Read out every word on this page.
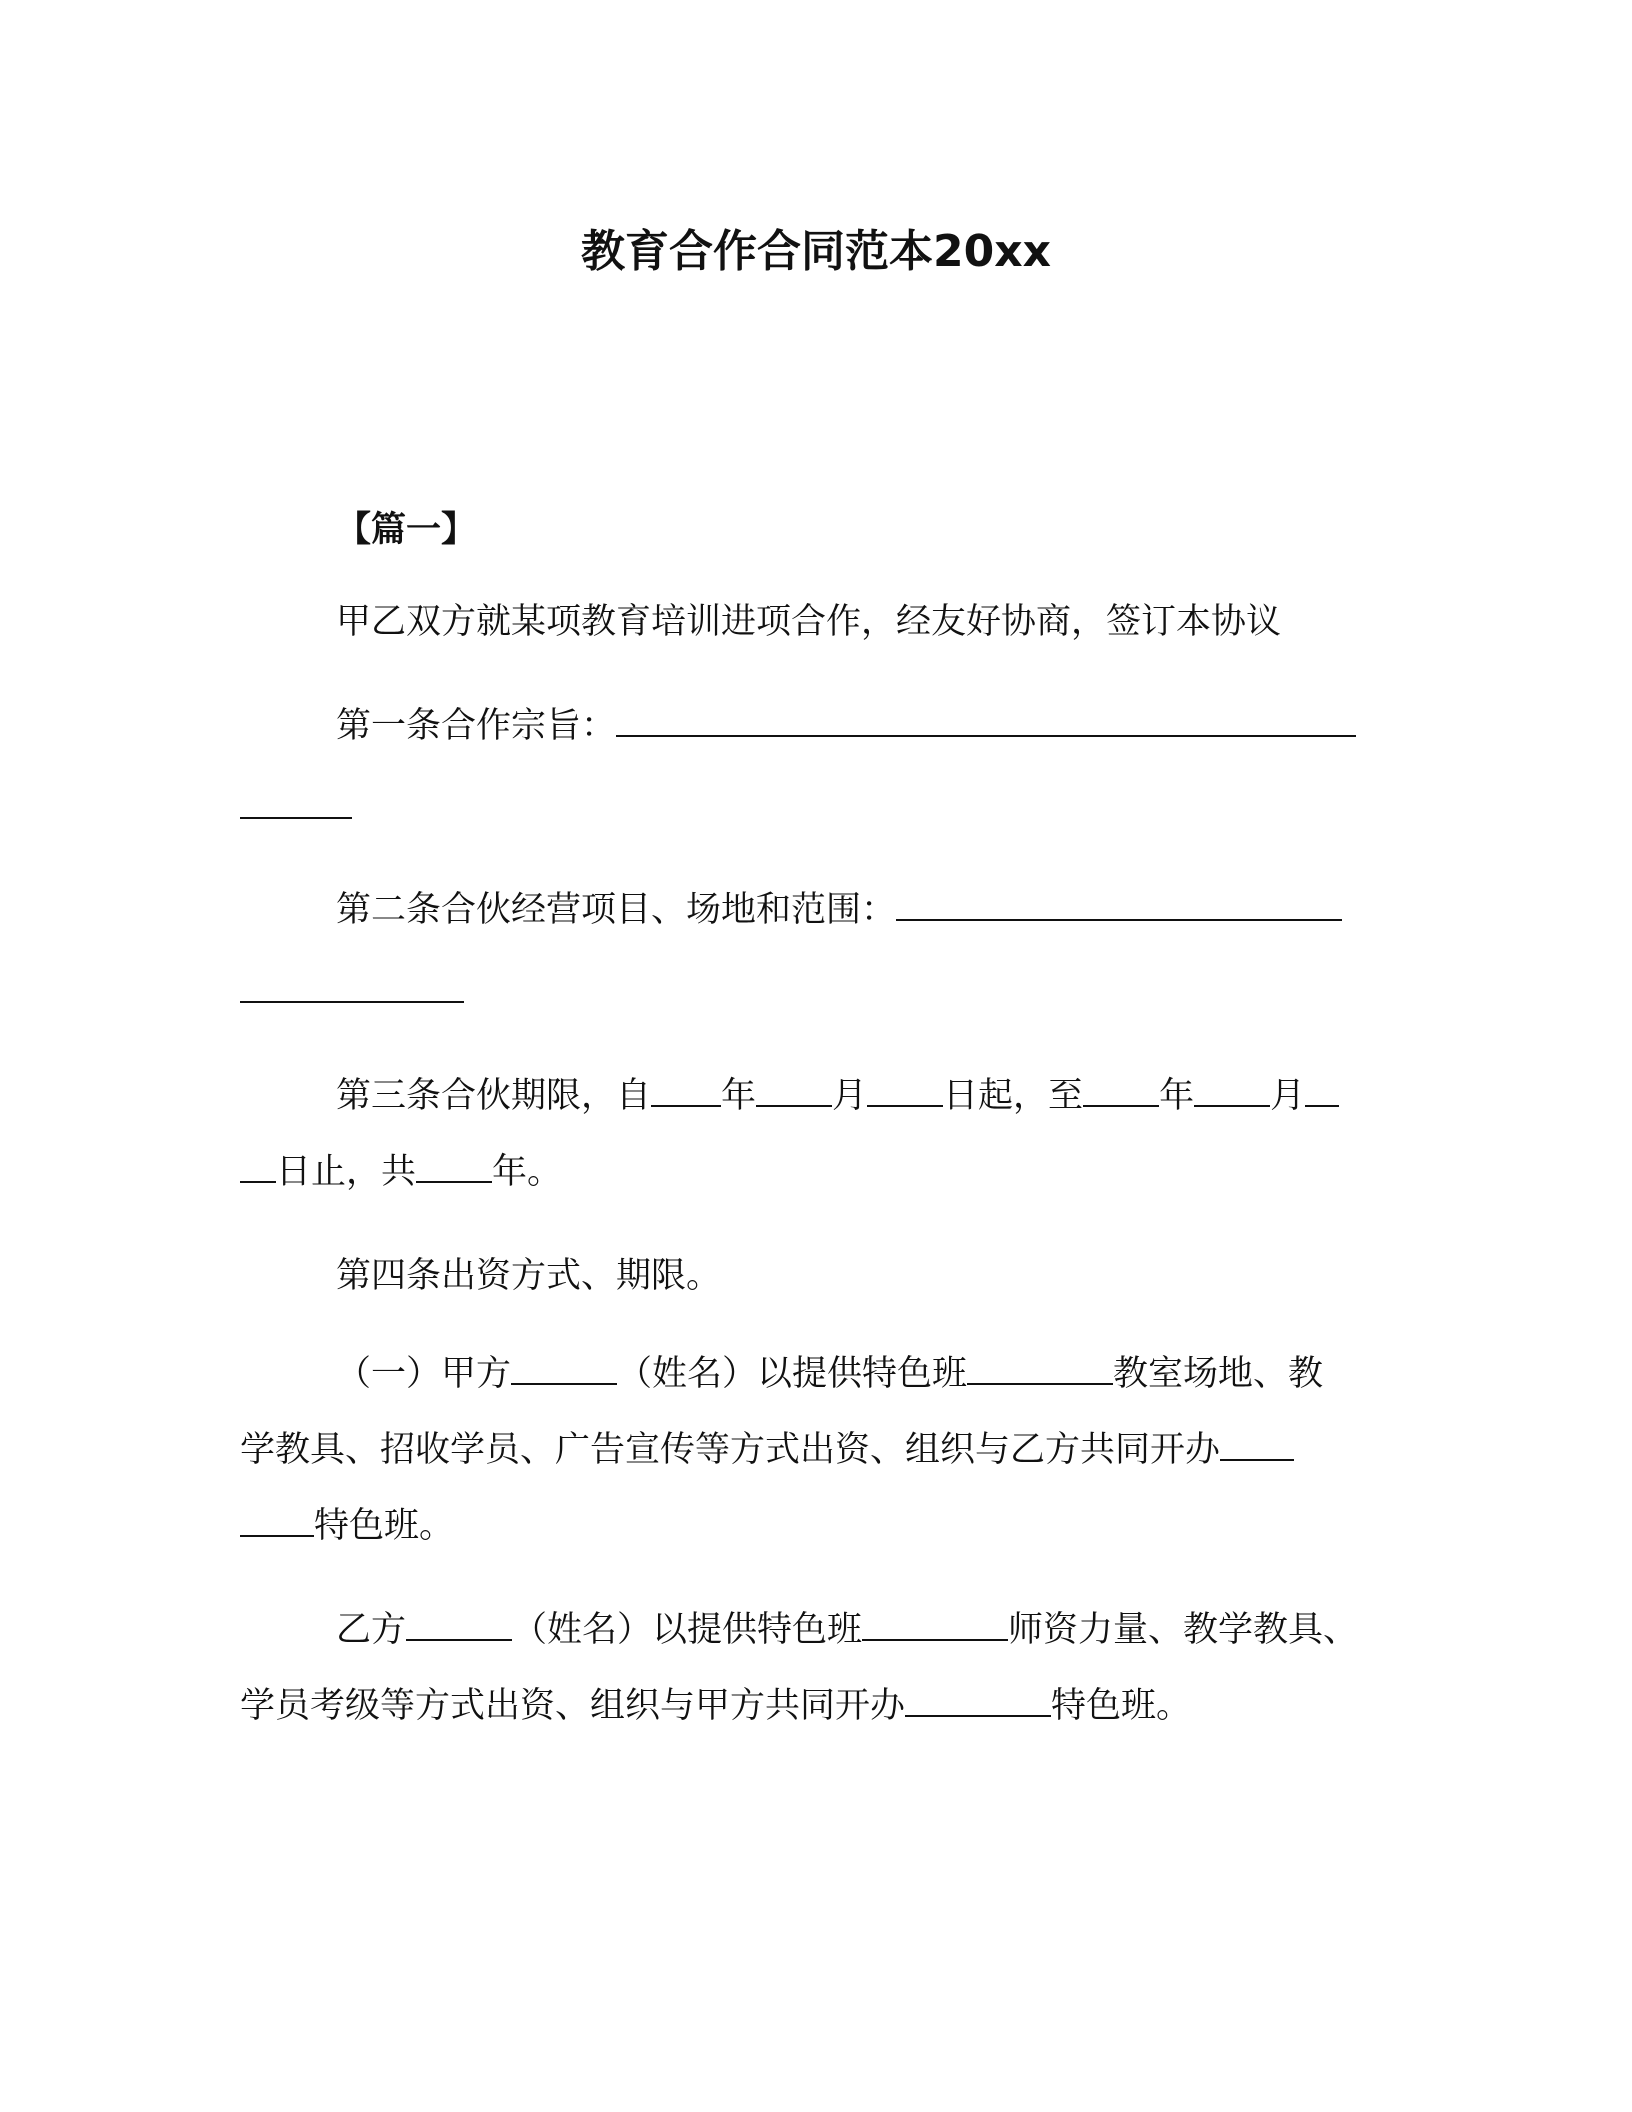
教育合作合同范本20xx

【篇一】

甲乙双方就某项教育培训进项合作，经友好协商，签订本协议

第一条合作宗旨：

第二条合伙经营项目、场地和范围：

第三条合伙期限，自 年 月 日起，至 年 月

日止，共 年。

第四条出资方式、期限。

（一）甲方	（姓名）以提供特色班	教室场地、教

学教具、招收学员、广告宣传等方式出资、组织与乙方共同开办

特色班。

乙方	（姓名）以提供特色班	师资力量、教学教具、

学员考级等方式出资、组织与甲方共同开办	特色班。
